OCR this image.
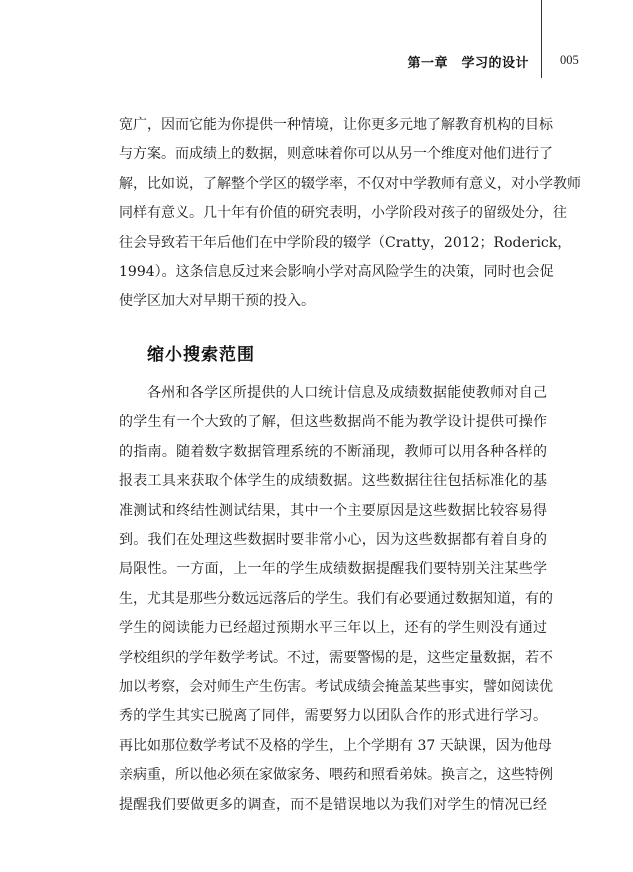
第一章　学习的设计 005
宽广，因而它能为你提供一种情境，让你更多元地了解教育机构的目标
与方案。而成绩上的数据，则意味着你可以从另一个维度对他们进行了
解，比如说，了解整个学区的辍学率，不仅对中学教师有意义，对小学教师
同样有意义。几十年有价值的研究表明，小学阶段对孩子的留级处分，往
往会导致若干年后他们在中学阶段的辍学（Cratty，2012；Roderick，
1994）。这条信息反过来会影响小学对高风险学生的决策，同时也会促
使学区加大对早期干预的投入。
缩小搜索范围
各州和各学区所提供的人口统计信息及成绩数据能使教师对自己
的学生有一个大致的了解，但这些数据尚不能为教学设计提供可操作
的指南。随着数字数据管理系统的不断涌现，教师可以用各种各样的
报表工具来获取个体学生的成绩数据。这些数据往往包括标准化的基
准测试和终结性测试结果，其中一个主要原因是这些数据比较容易得
到。我们在处理这些数据时要非常小心，因为这些数据都有着自身的
局限性。一方面，上一年的学生成绩数据提醒我们要特别关注某些学
生，尤其是那些分数远远落后的学生。我们有必要通过数据知道，有的
学生的阅读能力已经超过预期水平三年以上，还有的学生则没有通过
学校组织的学年数学考试。不过，需要警惕的是，这些定量数据，若不
加以考察，会对师生产生伤害。考试成绩会掩盖某些事实，譬如阅读优
秀的学生其实已脱离了同伴，需要努力以团队合作的形式进行学习。
再比如那位数学考试不及格的学生，上个学期有 37 天缺课，因为他母
亲病重，所以他必须在家做家务、喂药和照看弟妹。换言之，这些特例
提醒我们要做更多的调查，而不是错误地以为我们对学生的情况已经
